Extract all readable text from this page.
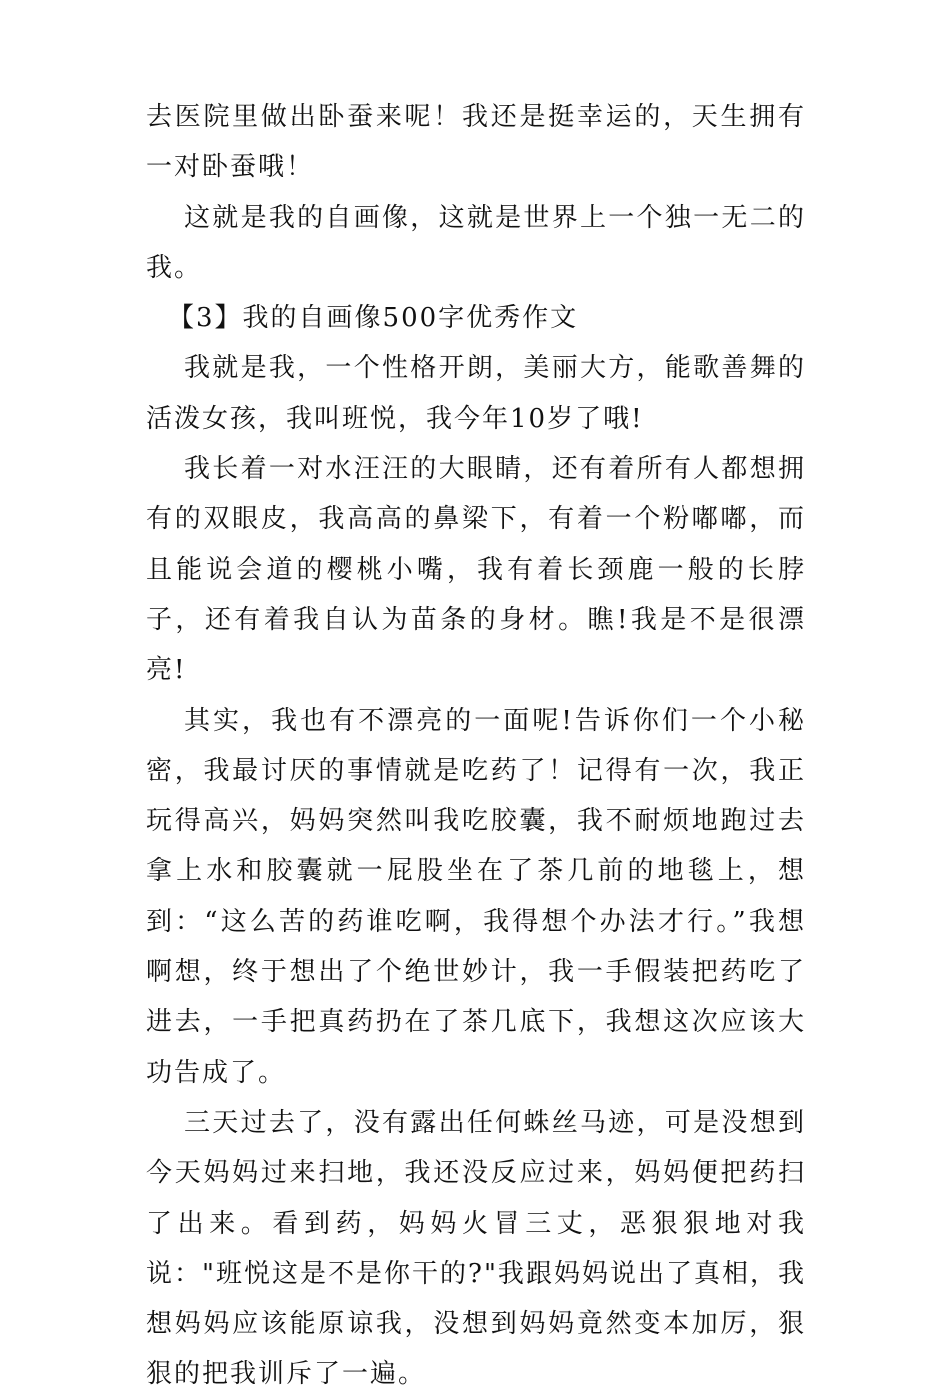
去医院里做出卧蚕来呢！我还是挺幸运的，天生拥有一对卧蚕哦！

这就是我的自画像，这就是世界上一个独一无二的我。

【3】我的自画像500字优秀作文

我就是我，一个性格开朗，美丽大方，能歌善舞的活泼女孩，我叫班悦，我今年10岁了哦!

我长着一对水汪汪的大眼睛，还有着所有人都想拥有的双眼皮，我高高的鼻梁下，有着一个粉嘟嘟，而且能说会道的樱桃小嘴，我有着长颈鹿一般的长脖子，还有着我自认为苗条的身材。瞧!我是不是很漂亮!

其实，我也有不漂亮的一面呢!告诉你们一个小秘密，我最讨厌的事情就是吃药了！记得有一次，我正玩得高兴，妈妈突然叫我吃胶囊，我不耐烦地跑过去拿上水和胶囊就一屁股坐在了茶几前的地毯上，想到：“这么苦的药谁吃啊，我得想个办法才行。”我想啊想，终于想出了个绝世妙计，我一手假装把药吃了进去，一手把真药扔在了茶几底下，我想这次应该大功告成了。

三天过去了，没有露出任何蛛丝马迹，可是没想到今天妈妈过来扫地，我还没反应过来，妈妈便把药扫了出来。看到药，妈妈火冒三丈，恶狠狠地对我说："班悦这是不是你干的?"我跟妈妈说出了真相，我想妈妈应该能原谅我，没想到妈妈竟然变本加厉，狠狠的把我训斥了一遍。
